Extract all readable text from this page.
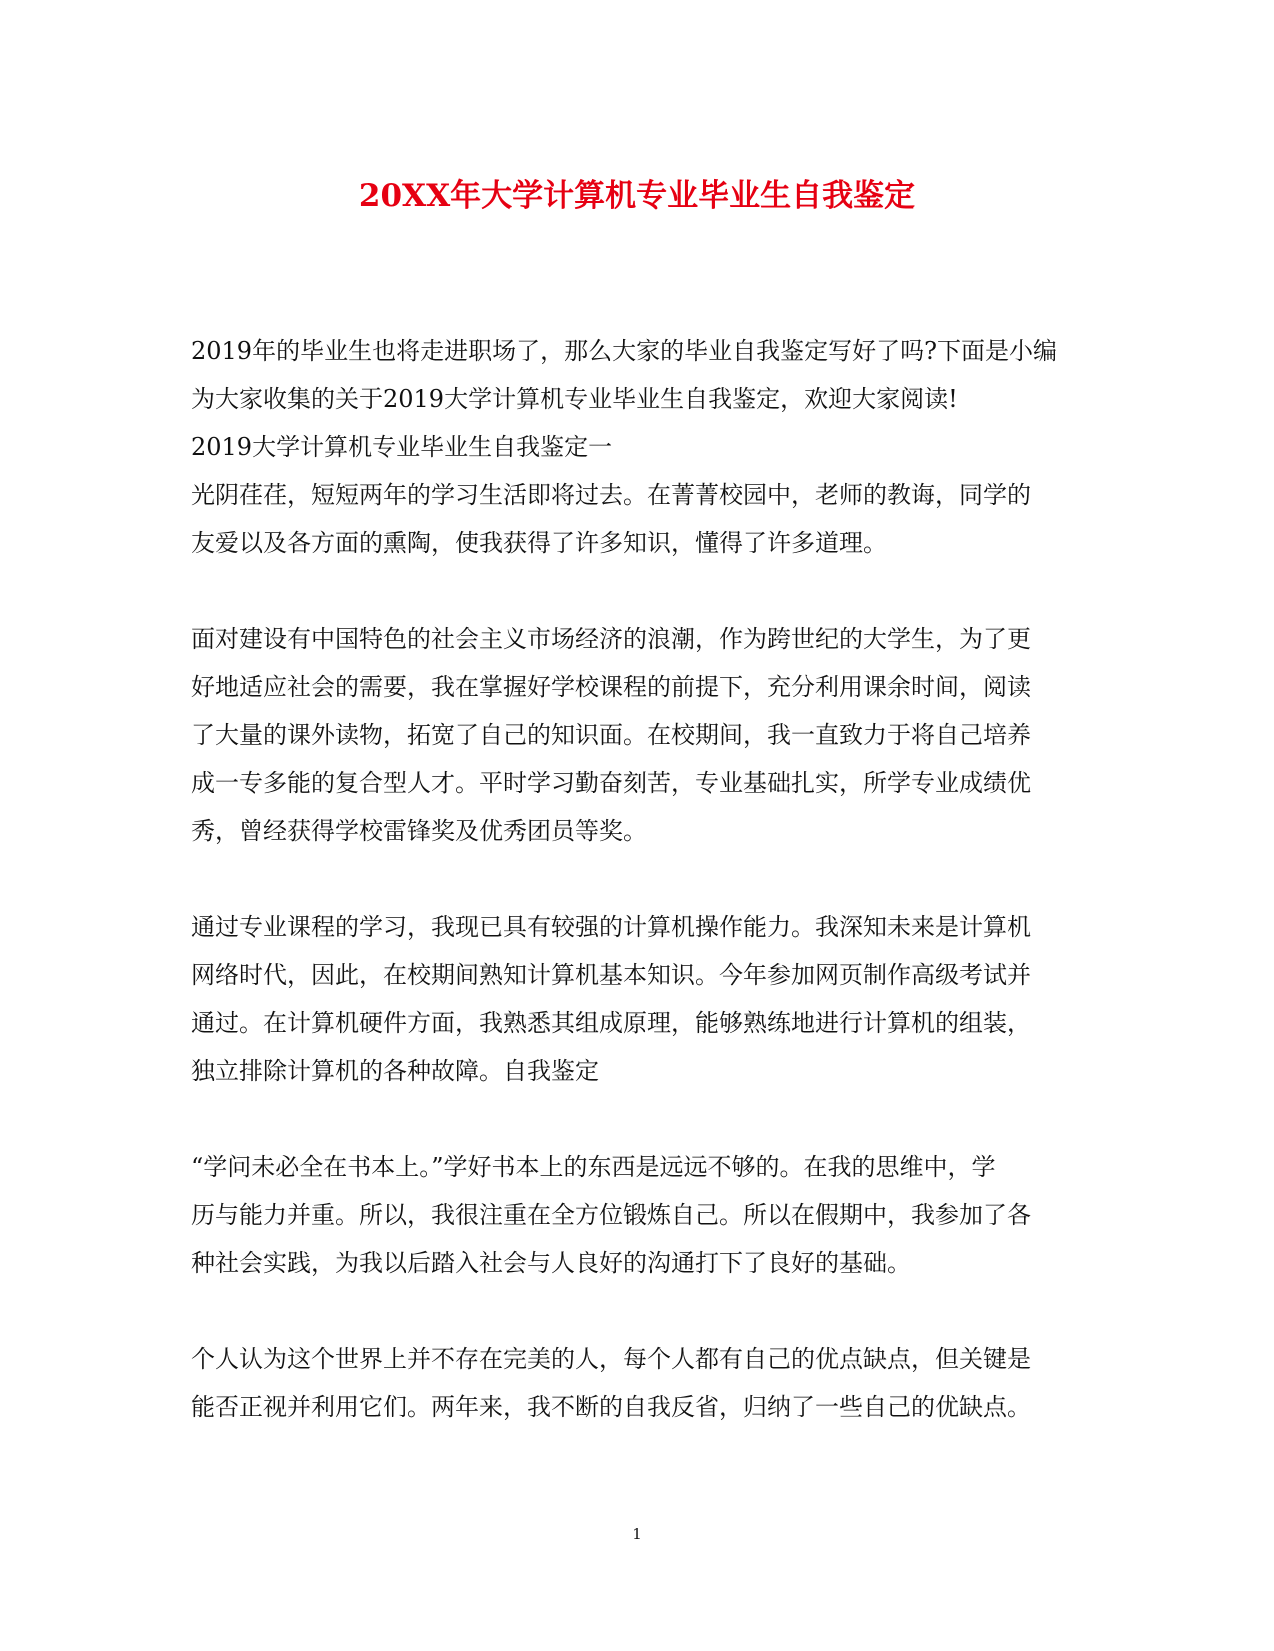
20XX年大学计算机专业毕业生自我鉴定
2019年的毕业生也将走进职场了，那么大家的毕业自我鉴定写好了吗?下面是小编
为大家收集的关于2019大学计算机专业毕业生自我鉴定，欢迎大家阅读!
2019大学计算机专业毕业生自我鉴定一
光阴荏荏，短短两年的学习生活即将过去。在菁菁校园中，老师的教诲，同学的
友爱以及各方面的熏陶，使我获得了许多知识，懂得了许多道理。
面对建设有中国特色的社会主义市场经济的浪潮，作为跨世纪的大学生，为了更
好地适应社会的需要，我在掌握好学校课程的前提下，充分利用课余时间，阅读
了大量的课外读物，拓宽了自己的知识面。在校期间，我一直致力于将自己培养
成一专多能的复合型人才。平时学习勤奋刻苦，专业基础扎实，所学专业成绩优
秀，曾经获得学校雷锋奖及优秀团员等奖。
通过专业课程的学习，我现已具有较强的计算机操作能力。我深知未来是计算机
网络时代，因此，在校期间熟知计算机基本知识。今年参加网页制作高级考试并
通过。在计算机硬件方面，我熟悉其组成原理，能够熟练地进行计算机的组装，
独立排除计算机的各种故障。自我鉴定
“学问未必全在书本上。”学好书本上的东西是远远不够的。在我的思维中，学
历与能力并重。所以，我很注重在全方位锻炼自己。所以在假期中，我参加了各
种社会实践，为我以后踏入社会与人良好的沟通打下了良好的基础。
个人认为这个世界上并不存在完美的人，每个人都有自己的优点缺点，但关键是
能否正视并利用它们。两年来，我不断的自我反省，归纳了一些自己的优缺点。
1
